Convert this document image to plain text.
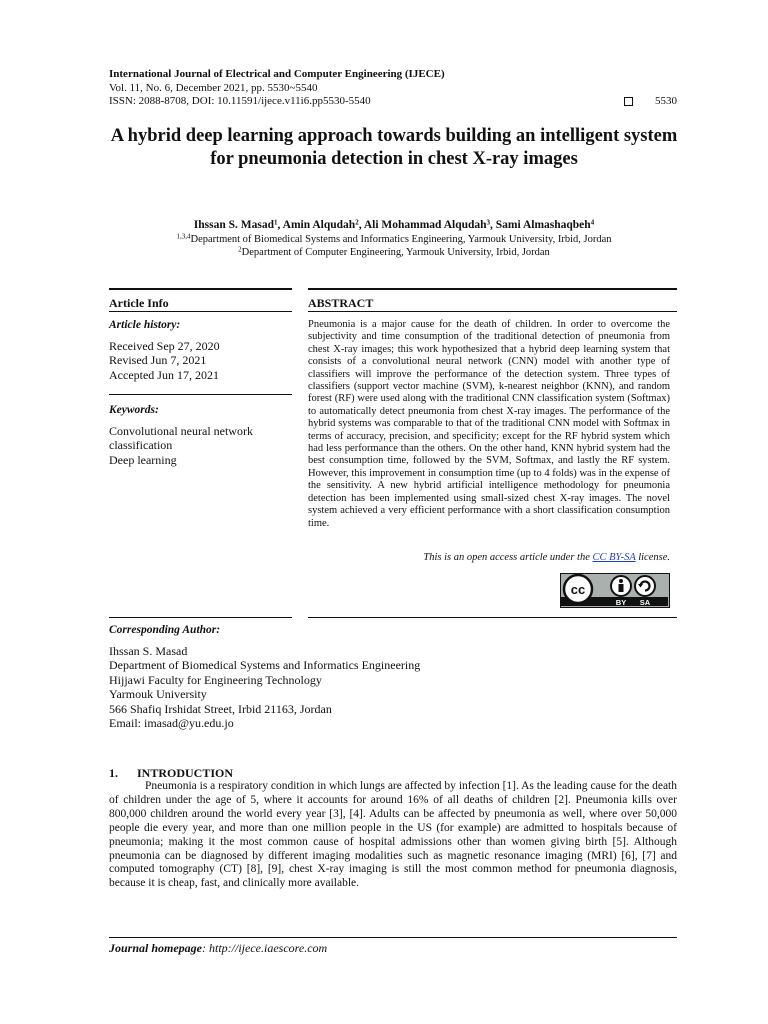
International Journal of Electrical and Computer Engineering (IJECE)
Vol. 11, No. 6, December 2021, pp. 5530~5540
ISSN: 2088-8708, DOI: 10.11591/ijece.v11i6.pp5530-5540	5530
A hybrid deep learning approach towards building an intelligent system for pneumonia detection in chest X-ray images
Ihssan S. Masad$^1$, Amin Alqudah$^2$, Ali Mohammad Alqudah$^3$, Sami Almashaqbeh$^4$
$^{1,3,4}$Department of Biomedical Systems and Informatics Engineering, Yarmouk University, Irbid, Jordan
$^2$Department of Computer Engineering, Yarmouk University, Irbid, Jordan
Article Info
Article history:
Received Sep 27, 2020
Revised Jun 7, 2021
Accepted Jun 17, 2021
Keywords:
Convolutional neural network
classification
Deep learning
ABSTRACT
Pneumonia is a major cause for the death of children. In order to overcome the subjectivity and time consumption of the traditional detection of pneumonia from chest X-ray images; this work hypothesized that a hybrid deep learning system that consists of a convolutional neural network (CNN) model with another type of classifiers will improve the performance of the detection system. Three types of classifiers (support vector machine (SVM), k-nearest neighbor (KNN), and random forest (RF) were used along with the traditional CNN classification system (Softmax) to automatically detect pneumonia from chest X-ray images. The performance of the hybrid systems was comparable to that of the traditional CNN model with Softmax in terms of accuracy, precision, and specificity; except for the RF hybrid system which had less performance than the others. On the other hand, KNN hybrid system had the best consumption time, followed by the SVM, Softmax, and lastly the RF system. However, this improvement in consumption time (up to 4 folds) was in the expense of the sensitivity. A new hybrid artificial intelligence methodology for pneumonia detection has been implemented using small-sized chest X-ray images. The novel system achieved a very efficient performance with a short classification consumption time.
This is an open access article under the CC BY-SA license.
cc
BY SA
Corresponding Author:
Ihssan S. Masad
Department of Biomedical Systems and Informatics Engineering
Hijjawi Faculty for Engineering Technology
Yarmouk University
566 Shafiq Irshidat Street, Irbid 21163, Jordan
Email: imasad@yu.edu.jo
1. INTRODUCTION
Pneumonia is a respiratory condition in which lungs are affected by infection [1]. As the leading cause for the death of children under the age of 5, where it accounts for around 16% of all deaths of children [2]. Pneumonia kills over 800,000 children around the world every year [3], [4]. Adults can be affected by pneumonia as well, where over 50,000 people die every year, and more than one million people in the US (for example) are admitted to hospitals because of pneumonia; making it the most common cause of hospital admissions other than women giving birth [5]. Although pneumonia can be diagnosed by different imaging modalities such as magnetic resonance imaging (MRI) [6], [7] and computed tomography (CT) [8], [9], chest X-ray imaging is still the most common method for pneumonia diagnosis, because it is cheap, fast, and clinically more available.
Journal homepage: http://ijece.iaescore.com
